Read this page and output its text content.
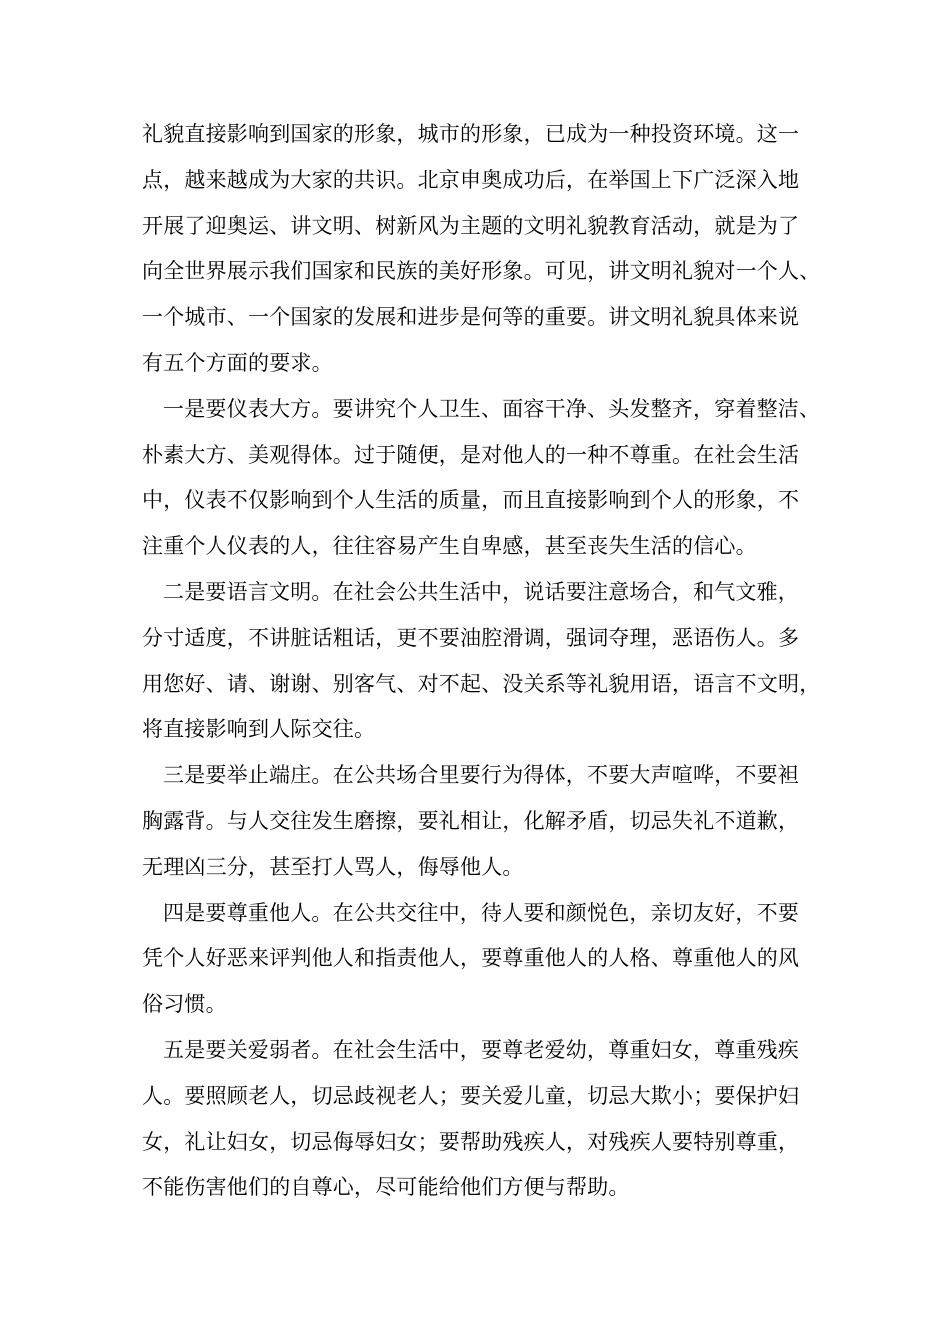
礼貌直接影响到国家的形象，城市的形象，已成为一种投资环境。这一
点，越来越成为大家的共识。北京申奥成功后，在举国上下广泛深入地
开展了迎奥运、讲文明、树新风为主题的文明礼貌教育活动，就是为了
向全世界展示我们国家和民族的美好形象。可见，讲文明礼貌对一个人、
一个城市、一个国家的发展和进步是何等的重要。讲文明礼貌具体来说
有五个方面的要求。
一是要仪表大方。要讲究个人卫生、面容干净、头发整齐，穿着整洁、
朴素大方、美观得体。过于随便，是对他人的一种不尊重。在社会生活
中，仪表不仅影响到个人生活的质量，而且直接影响到个人的形象，不
注重个人仪表的人，往往容易产生自卑感，甚至丧失生活的信心。
二是要语言文明。在社会公共生活中，说话要注意场合，和气文雅，
分寸适度，不讲脏话粗话，更不要油腔滑调，强词夺理，恶语伤人。多
用您好、请、谢谢、别客气、对不起、没关系等礼貌用语，语言不文明，
将直接影响到人际交往。
三是要举止端庄。在公共场合里要行为得体，不要大声喧哗，不要袒
胸露背。与人交往发生磨擦，要礼相让，化解矛盾，切忌失礼不道歉，
无理凶三分，甚至打人骂人，侮辱他人。
四是要尊重他人。在公共交往中，待人要和颜悦色，亲切友好，不要
凭个人好恶来评判他人和指责他人，要尊重他人的人格、尊重他人的风
俗习惯。
五是要关爱弱者。在社会生活中，要尊老爱幼，尊重妇女，尊重残疾
人。要照顾老人，切忌歧视老人；要关爱儿童，切忌大欺小；要保护妇
女，礼让妇女，切忌侮辱妇女；要帮助残疾人，对残疾人要特别尊重，
不能伤害他们的自尊心，尽可能给他们方便与帮助。
